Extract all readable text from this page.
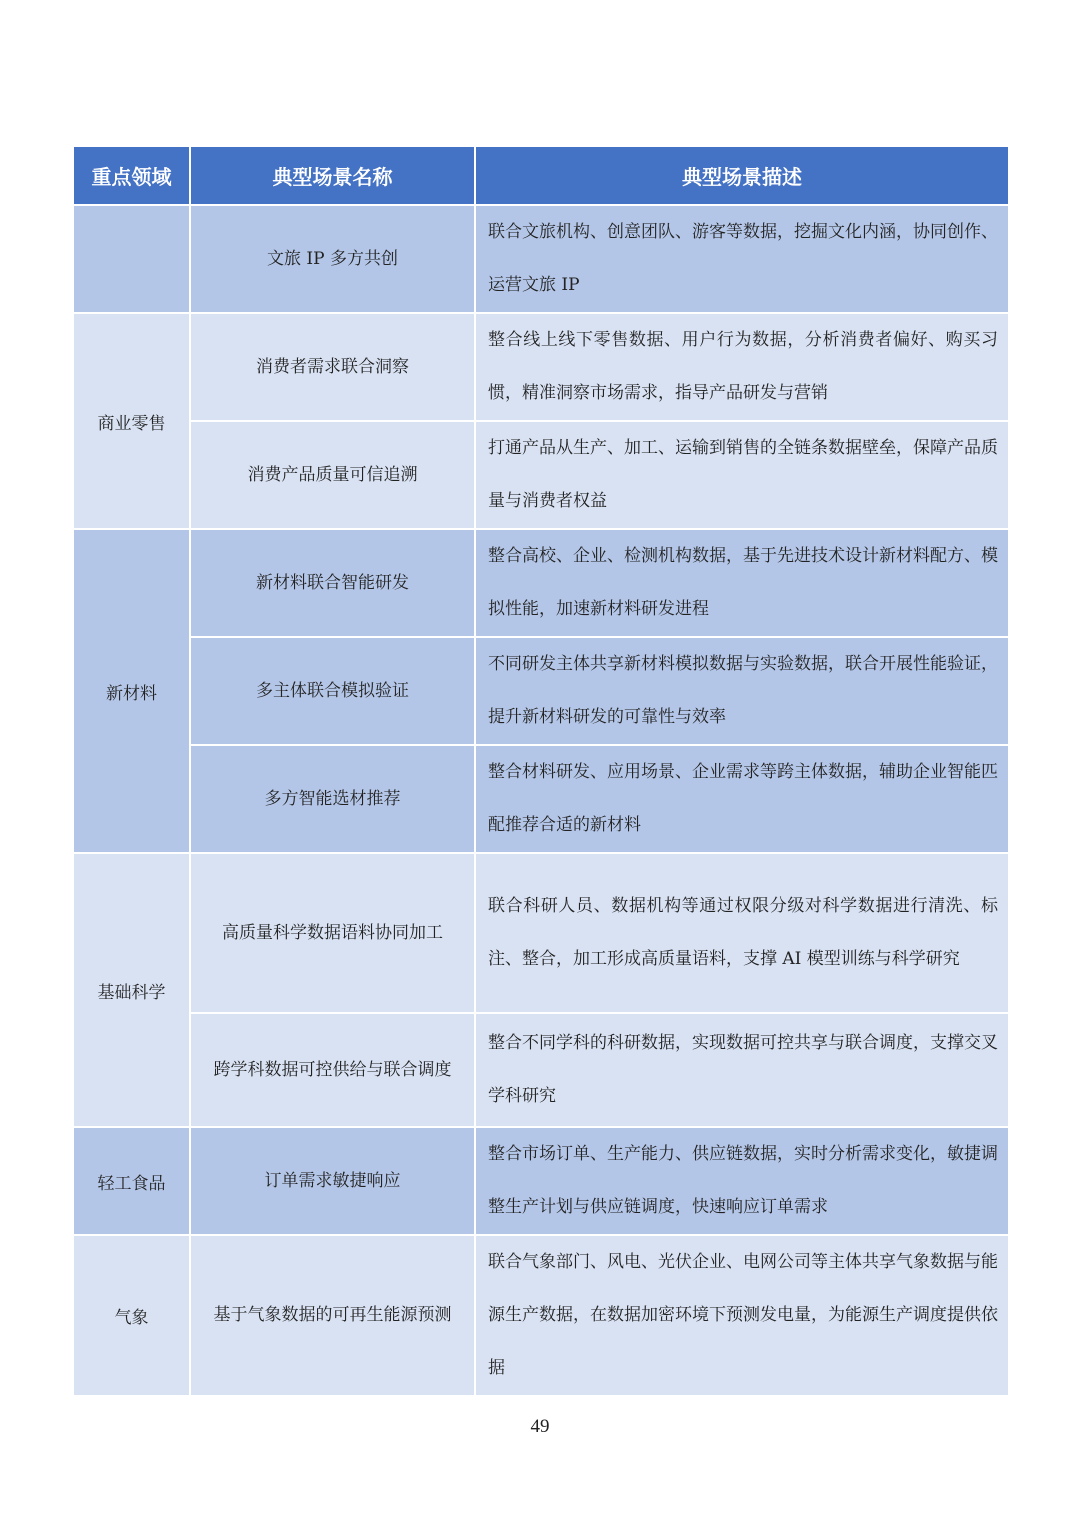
重点领域	典型场景名称	典型场景描述
	文旅 IP 多方共创	联合文旅机构、创意团队、游客等数据，挖掘文化内涵，协同创作、运营文旅 IP
商业零售	消费者需求联合洞察	整合线上线下零售数据、用户行为数据，分析消费者偏好、购买习惯，精准洞察市场需求，指导产品研发与营销
	消费产品质量可信追溯	打通产品从生产、加工、运输到销售的全链条数据壁垒，保障产品质量与消费者权益
新材料	新材料联合智能研发	整合高校、企业、检测机构数据，基于先进技术设计新材料配方、模拟性能，加速新材料研发进程
	多主体联合模拟验证	不同研发主体共享新材料模拟数据与实验数据，联合开展性能验证，提升新材料研发的可靠性与效率
	多方智能选材推荐	整合材料研发、应用场景、企业需求等跨主体数据，辅助企业智能匹配推荐合适的新材料
基础科学	高质量科学数据语料协同加工	联合科研人员、数据机构等通过权限分级对科学数据进行清洗、标注、整合，加工形成高质量语料，支撑 AI 模型训练与科学研究
	跨学科数据可控供给与联合调度	整合不同学科的科研数据，实现数据可控共享与联合调度，支撑交叉学科研究
轻工食品	订单需求敏捷响应	整合市场订单、生产能力、供应链数据，实时分析需求变化，敏捷调整生产计划与供应链调度，快速响应订单需求
气象	基于气象数据的可再生能源预测	联合气象部门、风电、光伏企业、电网公司等主体共享气象数据与能源生产数据，在数据加密环境下预测发电量，为能源生产调度提供依据
49
